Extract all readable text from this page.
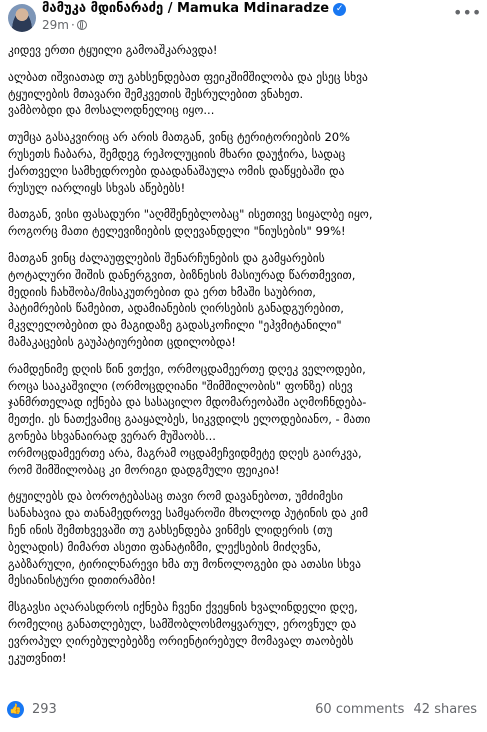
მამუკა მდინარაძე / Mamuka Mdinaradze ✓
29m ·
•••

კიდევ ერთი ტყუილი გამოაშკარავდა!

ალბათ იშვიათად თუ გახსენდებათ ფეიკშიმშილობა და ესეც სხვა
ტყუილების მთავარი შემკვეთის შესრულებით ვნახეთ.
ვამბობდი და მოსალოდნელიც იყო...

თუმცა გასაკვირიც არ არის მათგან, ვინც ტერიტორიების 20%
რუსეთს ჩაბარა, შემდეგ რეჰოლუციის მხარი დაუჭირა, სადაც
ქართველი სამხედროები დაადანაშაულა ომის დაწყებაში და
რუსულ იარლიყს სხვას აწებებს!

მათგან, ვისი ფასადური "აღმშენებლობაც" ისეთივე სიყალბე იყო,
როგორც მათი ტელევიზიების დღევანდელი "ნიუსების" 99%!

მათგან ვინც ძალაუფლების შენარჩუნების და გამყარების
ტოტალური შიშის დანერგვით, ბიზნესის მასიურად წართმევით,
მედიის ჩახშობა/მისაკუთრებით და ერთ ხმაში საუბრით,
პატიმრების წამებით, ადამიანების ღირსების განადგურებით,
მკვლელობებით და მაგიდაზე გადასკოჩილი "ეჰვმიტანილი"
მამაკაცების გაუპატიურებით ცდილობდა!

რამდენიმე დღის წინ ვთქვი, ორმოცდამეერთე დღეკ ველოდები,
როცა სააკაშვილი (ორმოცდღიანი "შიმშილობის" ფონზე) ისევ
ჯანმრთელად იქნება და სასაცილო მდომარეობაში აღმოჩნდება-
მეთქი. ეს ნათქვამიც გააყალბეს, სიკვდილს ელოდებიანო, - მათი
გონება სხვანაირად ვერარ მუშაობს...

ორმოცდამეერთე არა, მაგრამ ოცდამეჩვიდმეტე დღეს გაირკვა,
რომ შიმშილობაც კი მორიგი დადგმული ფეიკია!

ტყუილებს და ბოროტებასაც თავი რომ დავანებოთ, უმძიმესი
სანახავია და თანამედროვე სამყაროში მხოლოდ პუტინის და კიმ
ჩენ ინის შემთხვევაში თუ გახსენდება ვინმეს ლიდერის (თუ
ბელადის) მიმართ ასეთი ფანატიზმი, ლექსების მიძღვნა,
გაბზარული, ტირილნარევი ხმა თუ მონოლოგები და ათასი სხვა
მესიანისტური დითირამბი!

მსგავსი აღარასდროს იქნება ჩვენი ქვეყნის ხვალინდელი დღე,
რომელიც განათლებულ, სამშობლოსმოყვარულ, ეროვნულ და
ევროპულ ღირებულებებზე ორიენტირებულ მომავალ თაობებს
ეკუთვნით!

👍 293	60 comments 42 shares
